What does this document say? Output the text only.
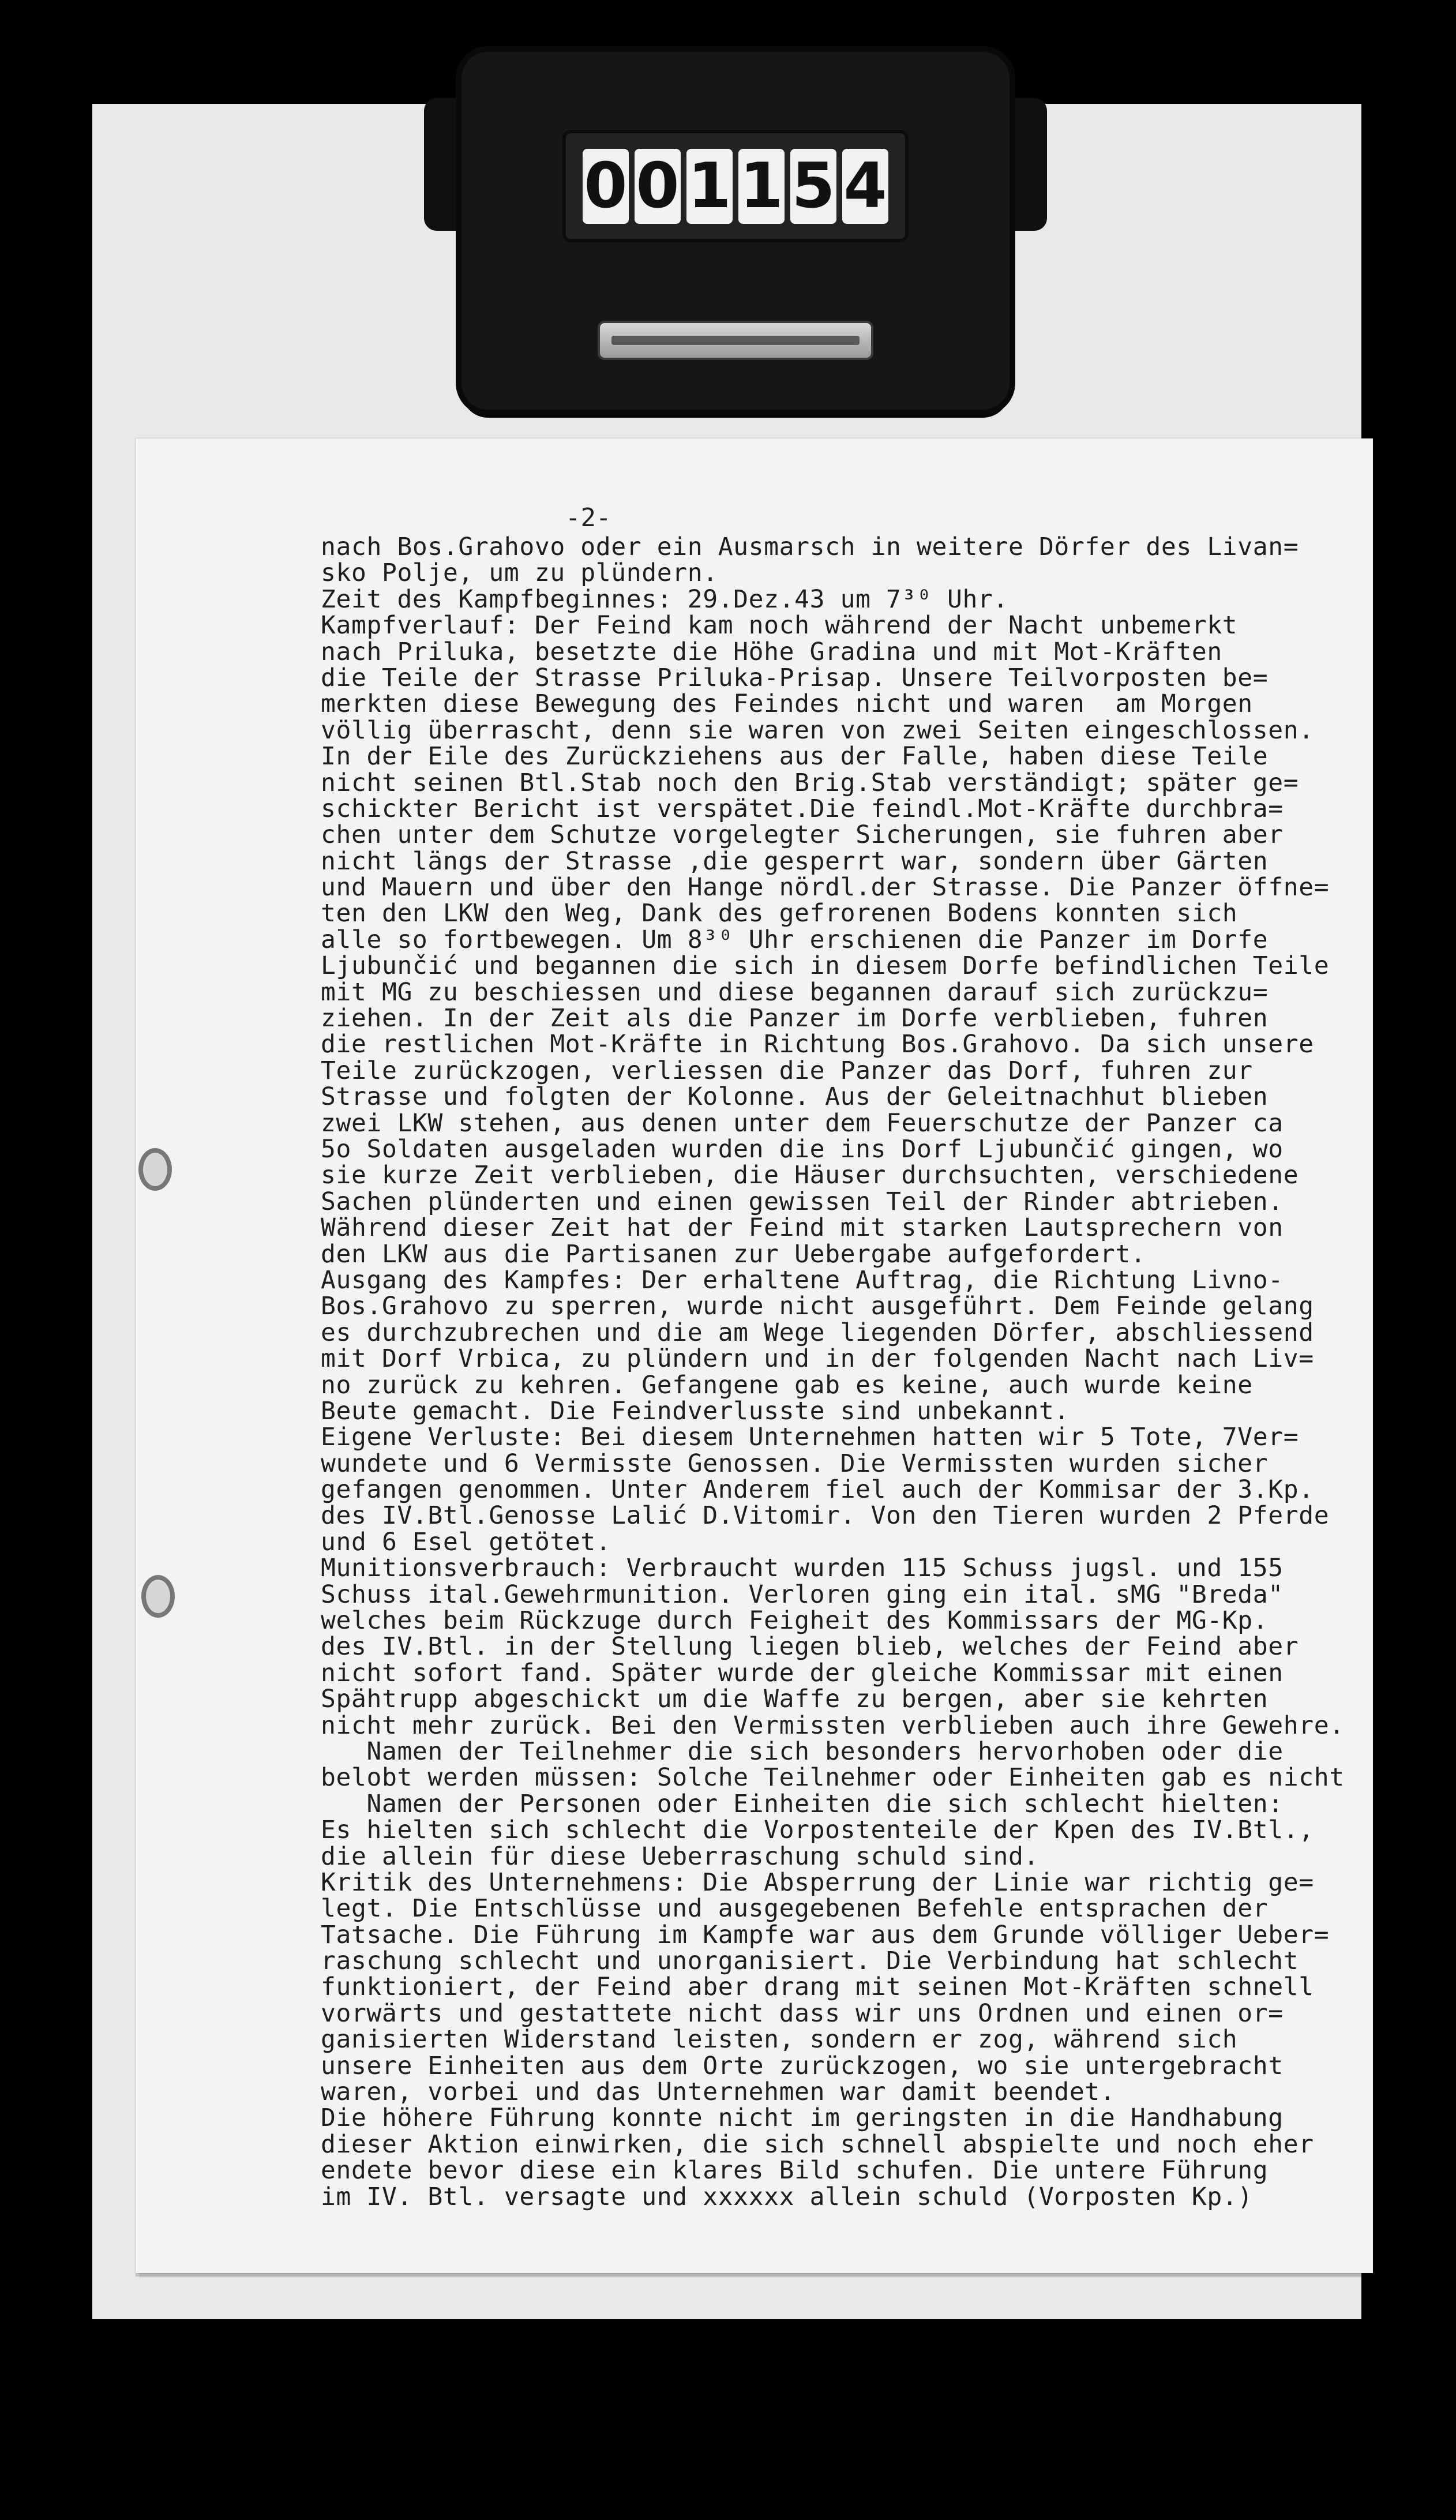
0 0 1 1 5 4
-2-
nach Bos.Grahovo oder ein Ausmarsch in weitere Dörfer des Livan=
sko Polje, um zu plündern.
Zeit des Kampfbeginnes: 29.Dez.43 um 7³⁰ Uhr.
Kampfverlauf: Der Feind kam noch während der Nacht unbemerkt
nach Priluka, besetzte die Höhe Gradina und mit Mot-Kräften
die Teile der Strasse Priluka-Prisap. Unsere Teilvorposten be=
merkten diese Bewegung des Feindes nicht und waren  am Morgen
völlig überrascht, denn sie waren von zwei Seiten eingeschlossen.
In der Eile des Zurückziehens aus der Falle, haben diese Teile
nicht seinen Btl.Stab noch den Brig.Stab verständigt; später ge=
schickter Bericht ist verspätet.Die feindl.Mot-Kräfte durchbra=
chen unter dem Schutze vorgelegter Sicherungen, sie fuhren aber
nicht längs der Strasse ,die gesperrt war, sondern über Gärten
und Mauern und über den Hange nördl.der Strasse. Die Panzer öffne=
ten den LKW den Weg, Dank des gefrorenen Bodens konnten sich
alle so fortbewegen. Um 8³⁰ Uhr erschienen die Panzer im Dorfe
Ljubunčić und begannen die sich in diesem Dorfe befindlichen Teile
mit MG zu beschiessen und diese begannen darauf sich zurückzu=
ziehen. In der Zeit als die Panzer im Dorfe verblieben, fuhren
die restlichen Mot-Kräfte in Richtung Bos.Grahovo. Da sich unsere
Teile zurückzogen, verliessen die Panzer das Dorf, fuhren zur
Strasse und folgten der Kolonne. Aus der Geleitnachhut blieben
zwei LKW stehen, aus denen unter dem Feuerschutze der Panzer ca
5o Soldaten ausgeladen wurden die ins Dorf Ljubunčić gingen, wo
sie kurze Zeit verblieben, die Häuser durchsuchten, verschiedene
Sachen plünderten und einen gewissen Teil der Rinder abtrieben.
Während dieser Zeit hat der Feind mit starken Lautsprechern von
den LKW aus die Partisanen zur Uebergabe aufgefordert.
Ausgang des Kampfes: Der erhaltene Auftrag, die Richtung Livno-
Bos.Grahovo zu sperren, wurde nicht ausgeführt. Dem Feinde gelang
es durchzubrechen und die am Wege liegenden Dörfer, abschliessend
mit Dorf Vrbica, zu plündern und in der folgenden Nacht nach Liv=
no zurück zu kehren. Gefangene gab es keine, auch wurde keine
Beute gemacht. Die Feindverlusste sind unbekannt.
Eigene Verluste: Bei diesem Unternehmen hatten wir 5 Tote, 7Ver=
wundete und 6 Vermisste Genossen. Die Vermissten wurden sicher
gefangen genommen. Unter Anderem fiel auch der Kommisar der 3.Kp.
des IV.Btl.Genosse Lalić D.Vitomir. Von den Tieren wurden 2 Pferde
und 6 Esel getötet.
Munitionsverbrauch: Verbraucht wurden 115 Schuss jugsl. und 155
Schuss ital.Gewehrmunition. Verloren ging ein ital. sMG "Breda"
welches beim Rückzuge durch Feigheit des Kommissars der MG-Kp.
des IV.Btl. in der Stellung liegen blieb, welches der Feind aber
nicht sofort fand. Später wurde der gleiche Kommissar mit einen
Spähtrupp abgeschickt um die Waffe zu bergen, aber sie kehrten
nicht mehr zurück. Bei den Vermissten verblieben auch ihre Gewehre.
Namen der Teilnehmer die sich besonders hervorhoben oder die
belobt werden müssen: Solche Teilnehmer oder Einheiten gab es nicht
Namen der Personen oder Einheiten die sich schlecht hielten:
Es hielten sich schlecht die Vorpostenteile der Kpen des IV.Btl.,
die allein für diese Ueberraschung schuld sind.
Kritik des Unternehmens: Die Absperrung der Linie war richtig ge=
legt. Die Entschlüsse und ausgegebenen Befehle entsprachen der
Tatsache. Die Führung im Kampfe war aus dem Grunde völliger Ueber=
raschung schlecht und unorganisiert. Die Verbindung hat schlecht
funktioniert, der Feind aber drang mit seinen Mot-Kräften schnell
vorwärts und gestattete nicht dass wir uns Ordnen und einen or=
ganisierten Widerstand leisten, sondern er zog, während sich
unsere Einheiten aus dem Orte zurückzogen, wo sie untergebracht
waren, vorbei und das Unternehmen war damit beendet.
Die höhere Führung konnte nicht im geringsten in die Handhabung
dieser Aktion einwirken, die sich schnell abspielte und noch eher
endete bevor diese ein klares Bild schufen. Die untere Führung
im IV. Btl. versagte und xxxxxx allein schuld (Vorposten Kp.)
